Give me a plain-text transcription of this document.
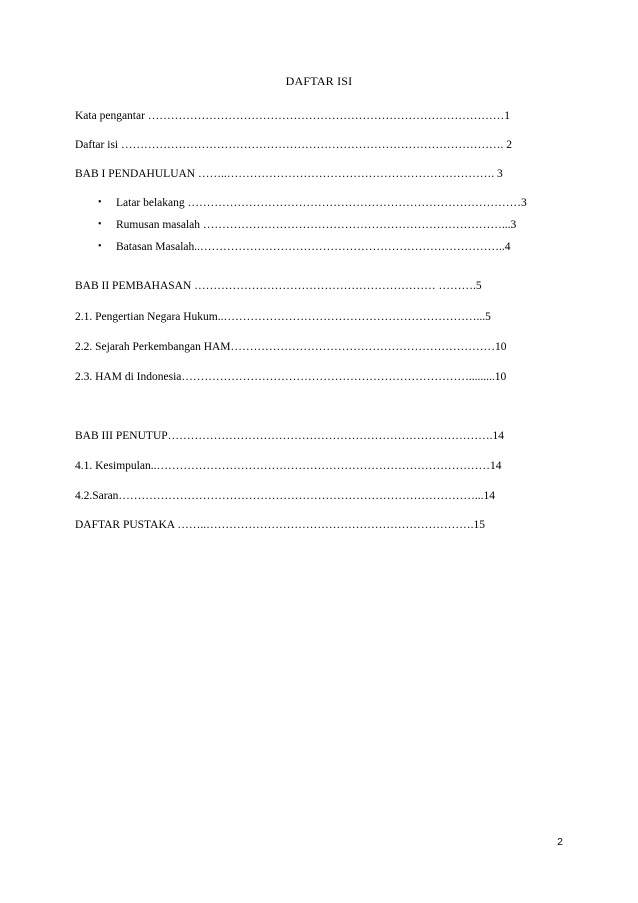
DAFTAR ISI
Kata pengantar …………………………………………………………………………………1
Daftar isi ………………………………………………………………………………………. 2
BAB I PENDAHULUAN ……..……………………………………………………………. 3
• Latar belakang ……………………………………………………………………………3
• Rumusan masalah ……………………………………………………………………...3
• Batasan Masalah..……………………………………………………………………..4
BAB II PEMBAHASAN ……………………………………………………… ……….5
2.1. Pengertian Negara Hukum..…………………………………………………………...5
2.2. Sejarah Perkembangan HAM……………………………………………………………10
2.3. HAM di Indonesia………………………………………………………………….........10
BAB III PENUTUP………………………………………………………………………….14
4.1. Kesimpulan..……………………………………………………………………………14
4.2.Saran…………………………………………………………………………………...14
DAFTAR PUSTAKA ……..…………………………………………………………….15
2
